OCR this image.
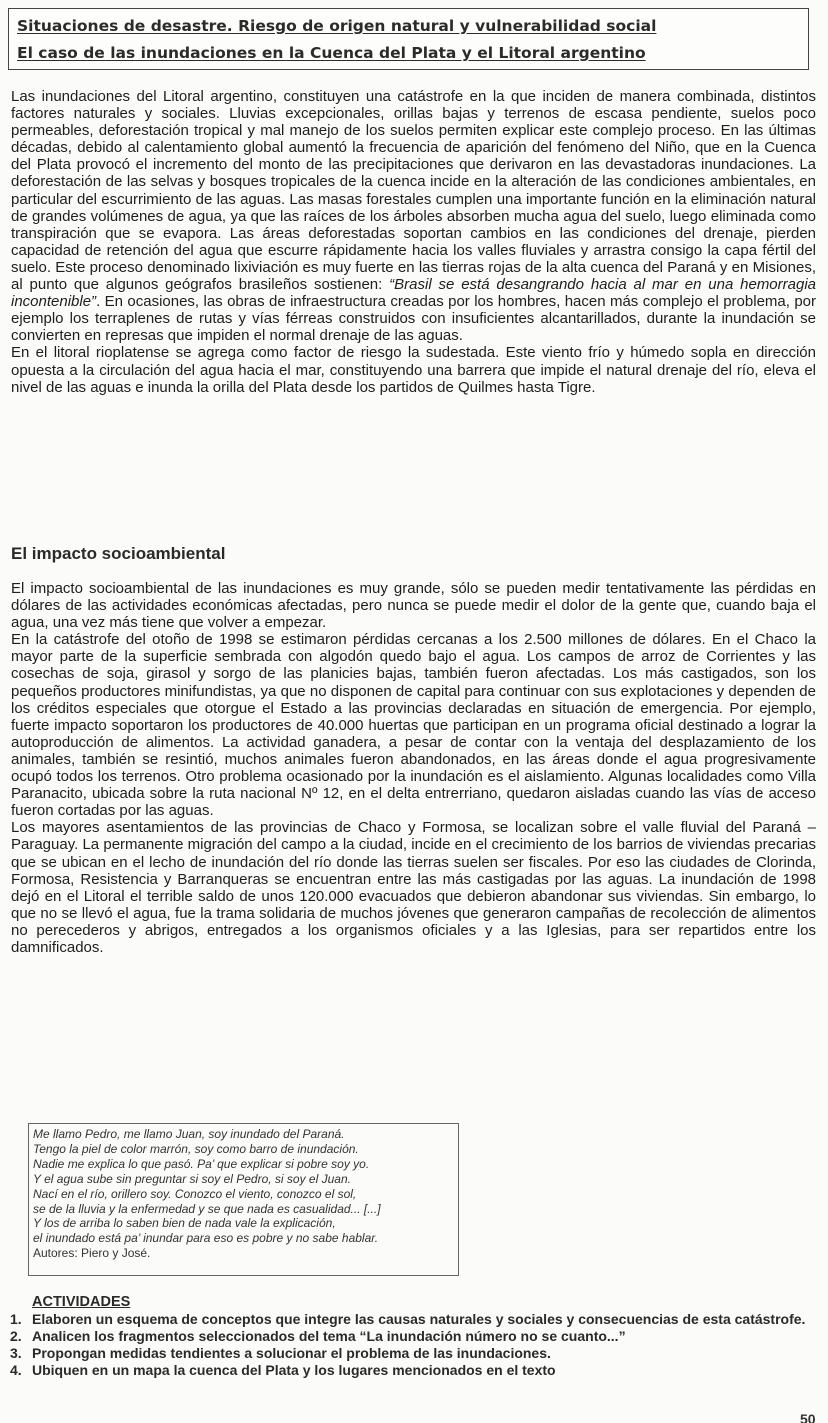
Situaciones de desastre. Riesgo de origen natural y vulnerabilidad social
El caso de las inundaciones en la Cuenca del Plata y el Litoral argentino

Las inundaciones del Litoral argentino, constituyen una catástrofe en la que inciden de manera combinada, distintos factores naturales y sociales. Lluvias excepcionales, orillas bajas y terrenos de escasa pendiente, suelos poco permeables, deforestación tropical y mal manejo de los suelos permiten explicar este complejo proceso. En las últimas décadas, debido al calentamiento global aumentó la frecuencia de aparición del fenómeno del Niño, que en la Cuenca del Plata provocó el incremento del monto de las precipitaciones que derivaron en las devastadoras inundaciones. La deforestación de las selvas y bosques tropicales de la cuenca incide en la alteración de las condiciones ambientales, en particular del escurrimiento de las aguas. Las masas forestales cumplen una importante función en la eliminación natural de grandes volúmenes de agua, ya que las raíces de los árboles absorben mucha agua del suelo, luego eliminada como transpiración que se evapora. Las áreas deforestadas soportan cambios en las condiciones del drenaje, pierden capacidad de retención del agua que escurre rápidamente hacia los valles fluviales y arrastra consigo la capa fértil del suelo. Este proceso denominado lixiviación es muy fuerte en las tierras rojas de la alta cuenca del Paraná y en Misiones, al punto que algunos geógrafos brasileños sostienen: “Brasil se está desangrando hacia al mar en una hemorragia incontenible”. En ocasiones, las obras de infraestructura creadas por los hombres, hacen más complejo el problema, por ejemplo los terraplenes de rutas y vías férreas construidos con insuficientes alcantarillados, durante la inundación se convierten en represas que impiden el normal drenaje de las aguas.

En el litoral rioplatense se agrega como factor de riesgo la sudestada. Este viento frío y húmedo sopla en dirección opuesta a la circulación del agua hacia el mar, constituyendo una barrera que impide el natural drenaje del río, eleva el nivel de las aguas e inunda la orilla del Plata desde los partidos de Quilmes hasta Tigre.

El impacto socioambiental

El impacto socioambiental de las inundaciones es muy grande, sólo se pueden medir tentativamente las pérdidas en dólares de las actividades económicas afectadas, pero nunca se puede medir el dolor de la gente que, cuando baja el agua, una vez más tiene que volver a empezar.

En la catástrofe del otoño de 1998 se estimaron pérdidas cercanas a los 2.500 millones de dólares. En el Chaco la mayor parte de la superficie sembrada con algodón quedo bajo el agua. Los campos de arroz de Corrientes y las cosechas de soja, girasol y sorgo de las planicies bajas, también fueron afectadas. Los más castigados, son los pequeños productores minifundistas, ya que no disponen de capital para continuar con sus explotaciones y dependen de los créditos especiales que otorgue el Estado a las provincias declaradas en situación de emergencia. Por ejemplo, fuerte impacto soportaron los productores de 40.000 huertas que participan en un programa oficial destinado a lograr la autoproducción de alimentos. La actividad ganadera, a pesar de contar con la ventaja del desplazamiento de los animales, también se resintió, muchos animales fueron abandonados, en las áreas donde el agua progresivamente ocupó todos los terrenos. Otro problema ocasionado por la inundación es el aislamiento. Algunas localidades como Villa Paranacito, ubicada sobre la ruta nacional Nº 12, en el delta entrerriano, quedaron aisladas cuando las vías de acceso fueron cortadas por las aguas.

Los mayores asentamientos de las provincias de Chaco y Formosa, se localizan sobre el valle fluvial del Paraná – Paraguay. La permanente migración del campo a la ciudad, incide en el crecimiento de los barrios de viviendas precarias que se ubican en el lecho de inundación del río donde las tierras suelen ser fiscales. Por eso las ciudades de Clorinda, Formosa, Resistencia y Barranqueras se encuentran entre las más castigadas por las aguas. La inundación de 1998 dejó en el Litoral el terrible saldo de unos 120.000 evacuados que debieron abandonar sus viviendas. Sin embargo, lo que no se llevó el agua, fue la trama solidaria de muchos jóvenes que generaron campañas de recolección de alimentos no perecederos y abrigos, entregados a los organismos oficiales y a las Iglesias, para ser repartidos entre los damnificados.

Me llamo Pedro, me llamo Juan, soy inundado del Paraná.
Tengo la piel de color marrón, soy como barro de inundación.
Nadie me explica lo que pasó. Pa’ que explicar si pobre soy yo.
Y el agua sube sin preguntar si soy el Pedro, si soy el Juan.
Nací en el río, orillero soy. Conozco el viento, conozco el sol,
se de la lluvia y la enfermedad y se que nada es casualidad... [...]
Y los de arriba lo saben bien de nada vale la explicación,
el inundado está pa’ inundar para eso es pobre y no sabe hablar.
Autores: Piero y José.
ACTIVIDADES
1. Elaboren un esquema de conceptos que integre las causas naturales y sociales y consecuencias de esta catástrofe.
2. Analicen los fragmentos seleccionados del tema “La inundación número no se cuanto...”
3. Propongan medidas tendientes a solucionar el problema de las inundaciones.
4. Ubiquen en un mapa la cuenca del Plata y los lugares mencionados en el texto
50
